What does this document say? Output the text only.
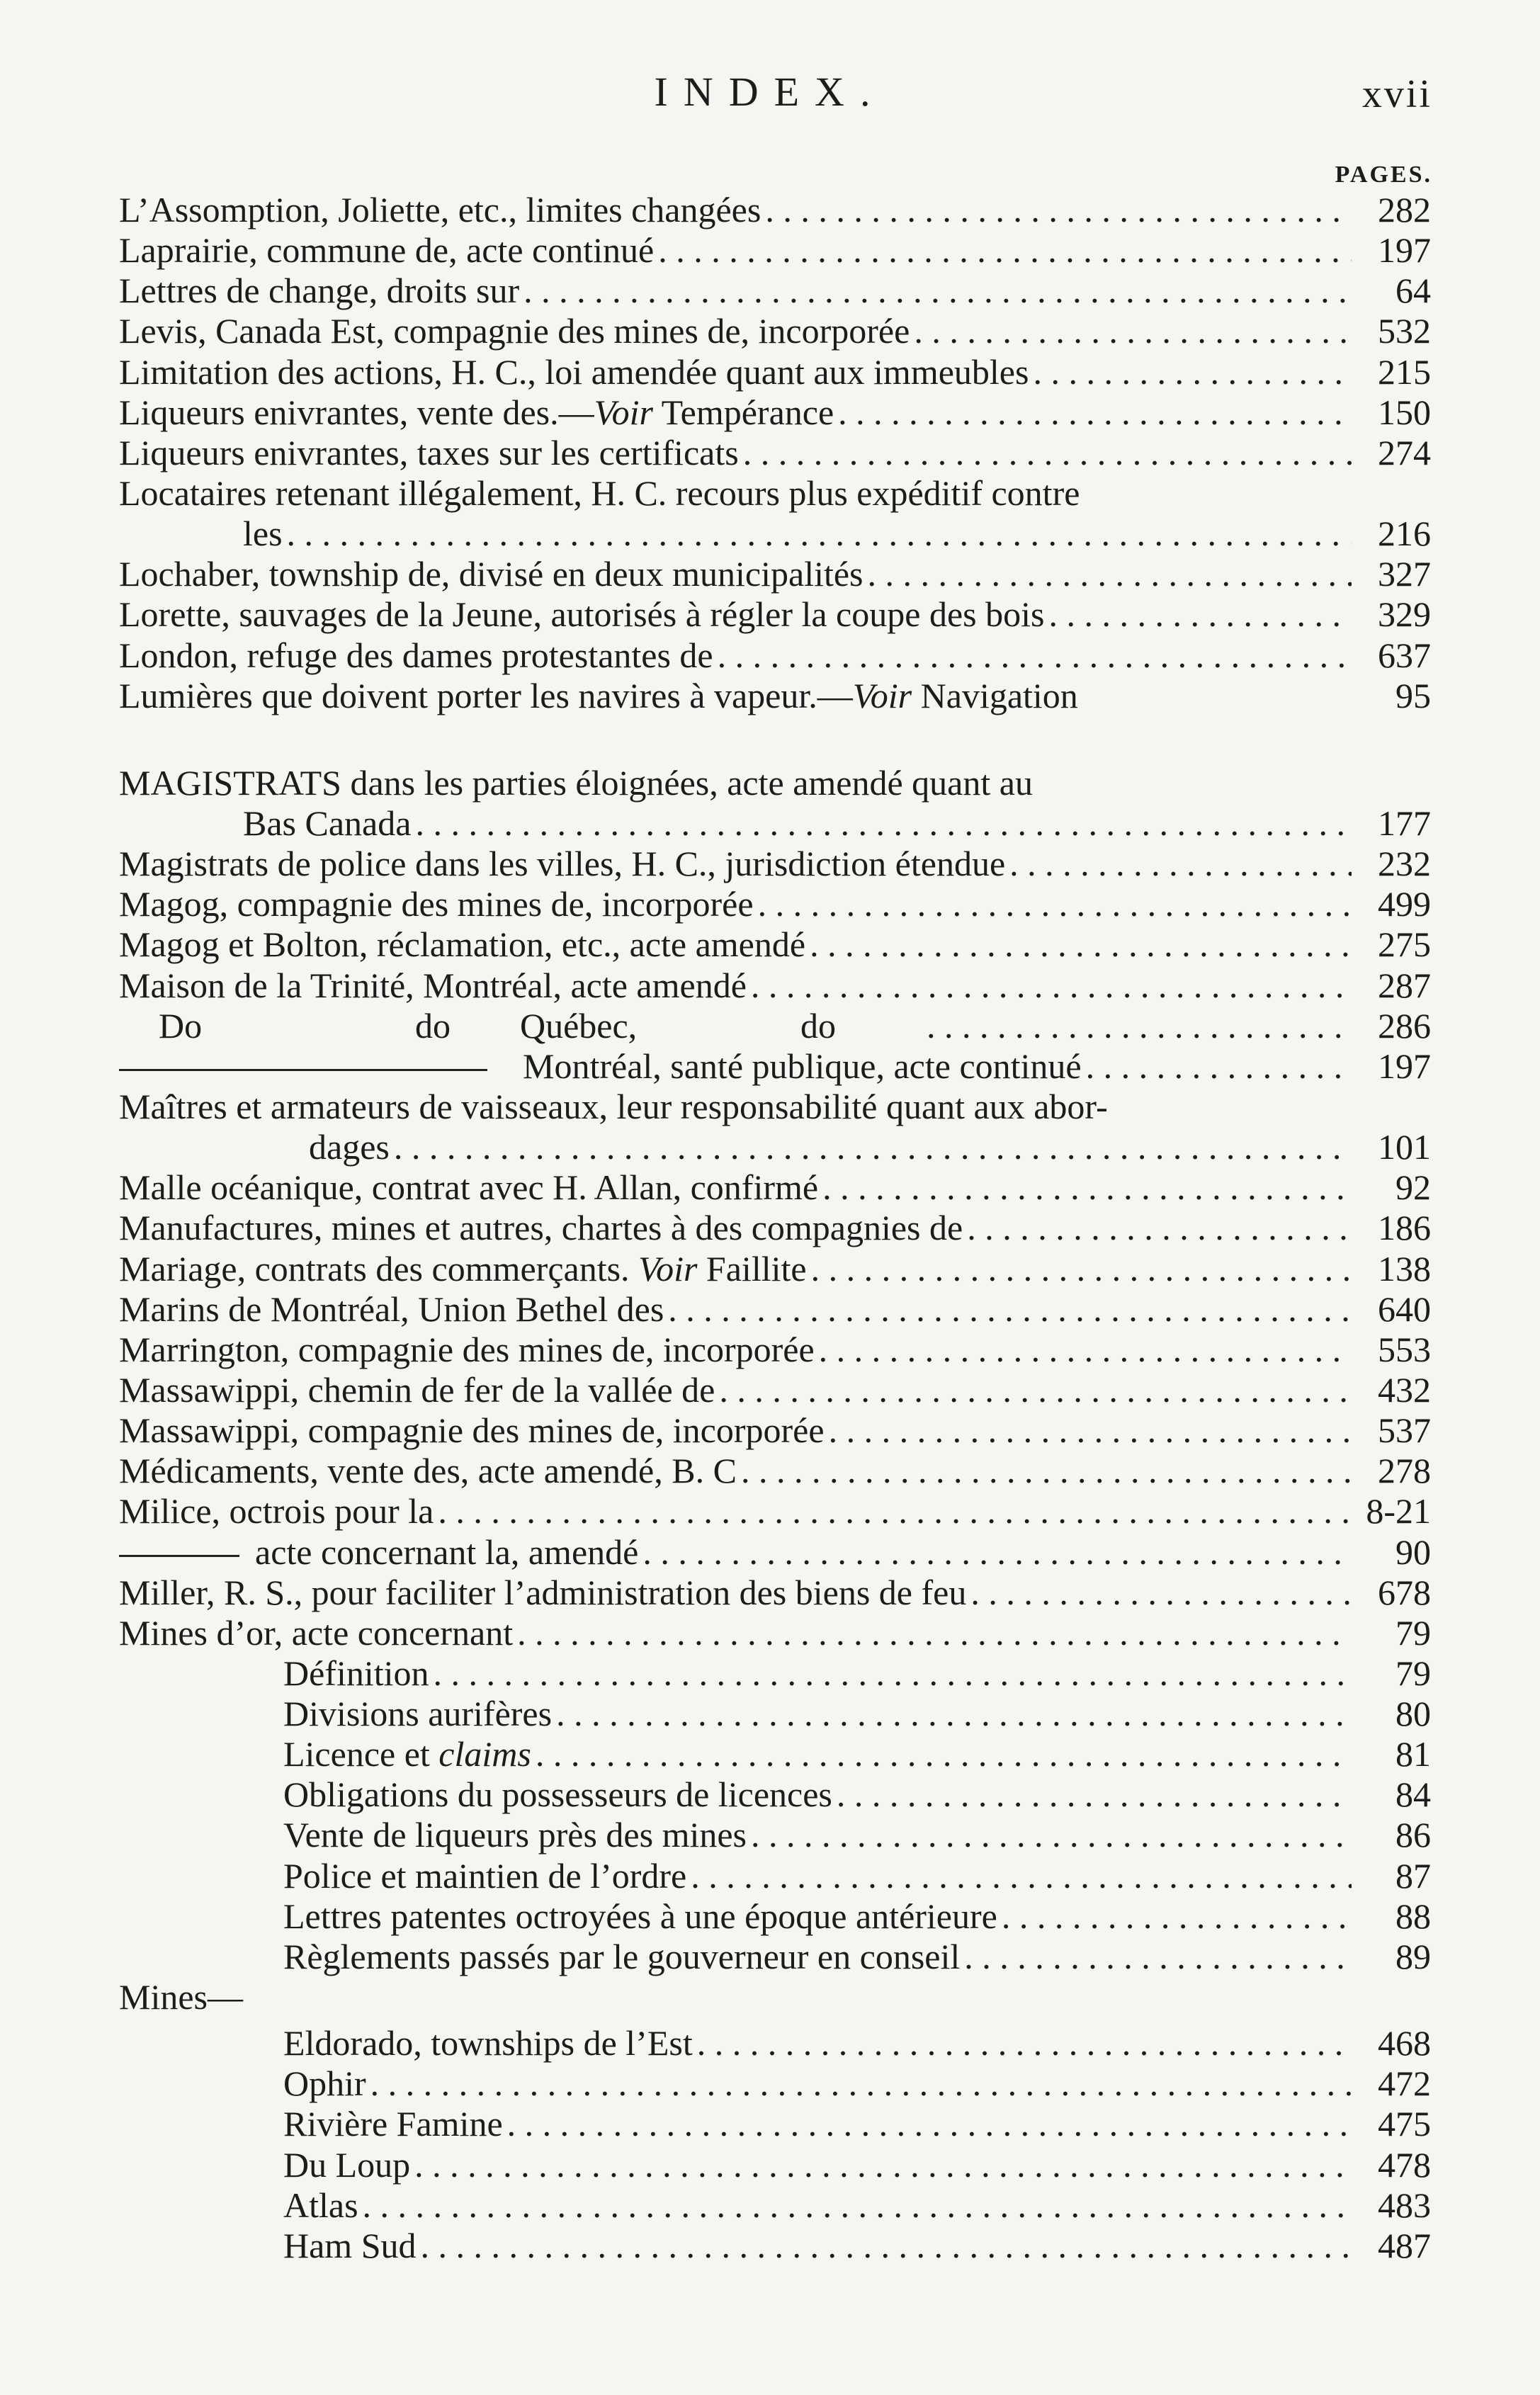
INDEX.	xvii
PAGES.
L’Assomption, Joliette, etc., limites changées . . .	282
Laprairie, commune de, acte continué . . .	197
Lettres de change, droits sur . . .	64
Levis, Canada Est, compagnie des mines de, incorporée . . .	532
Limitation des actions, H. C., loi amendée quant aux immeubles . . .	215
Liqueurs enivrantes, vente des.—Voir Tempérance . . .	150
Liqueurs enivrantes, taxes sur les certificats . . .	274
Locataires retenant illégalement, H. C. recours plus expéditif contre
les . . .	216
Lochaber, township de, divisé en deux municipalités . . .	327
Lorette, sauvages de la Jeune, autorisés à régler la coupe des bois . . .	329
London, refuge des dames protestantes de . . .	637
Lumières que doivent porter les navires à vapeur.—Voir Navigation	95
MAGISTRATS dans les parties éloignées, acte amendé quant au
Bas Canada . . .	177
Magistrats de police dans les villes, H. C., jurisdiction étendue . . .	232
Magog, compagnie des mines de, incorporée . . .	499
Magog et Bolton, réclamation, etc., acte amendé . . .	275
Maison de la Trinité, Montréal, acte amendé . . .	287
Do	do Québec,	do . . .	286
Montréal, santé publique, acte continué . . .	197
Maîtres et armateurs de vaisseaux, leur responsabilité quant aux abor-
dages . . .	101
Malle océanique, contrat avec H. Allan, confirmé . . .	92
Manufactures, mines et autres, chartes à des compagnies de . . .	186
Mariage, contrats des commerçants. Voir Faillite . . .	138
Marins de Montréal, Union Bethel des . . .	640
Marrington, compagnie des mines de, incorporée . . .	553
Massawippi, chemin de fer de la vallée de . . .	432
Massawippi, compagnie des mines de, incorporée . . .	537
Médicaments, vente des, acte amendé, B. C . . .	278
Milice, octrois pour la . . .	8-21
acte concernant la, amendé . . .	90
Miller, R. S., pour faciliter l’administration des biens de feu . . .	678
Mines d’or, acte concernant . . .	79
Définition . . .	79
Divisions aurifères . . .	80
Licence et claims . . .	81
Obligations du possesseurs de licences . . .	84
Vente de liqueurs près des mines . . .	86
Police et maintien de l’ordre . . .	87
Lettres patentes octroyées à une époque antérieure . . .	88
Règlements passés par le gouverneur en conseil . . .	89
Mines—
Eldorado, townships de l’Est . . .	468
Ophir . . .	472
Rivière Famine . . .	475
Du Loup . . .	478
Atlas . . .	483
Ham Sud . . .	487
